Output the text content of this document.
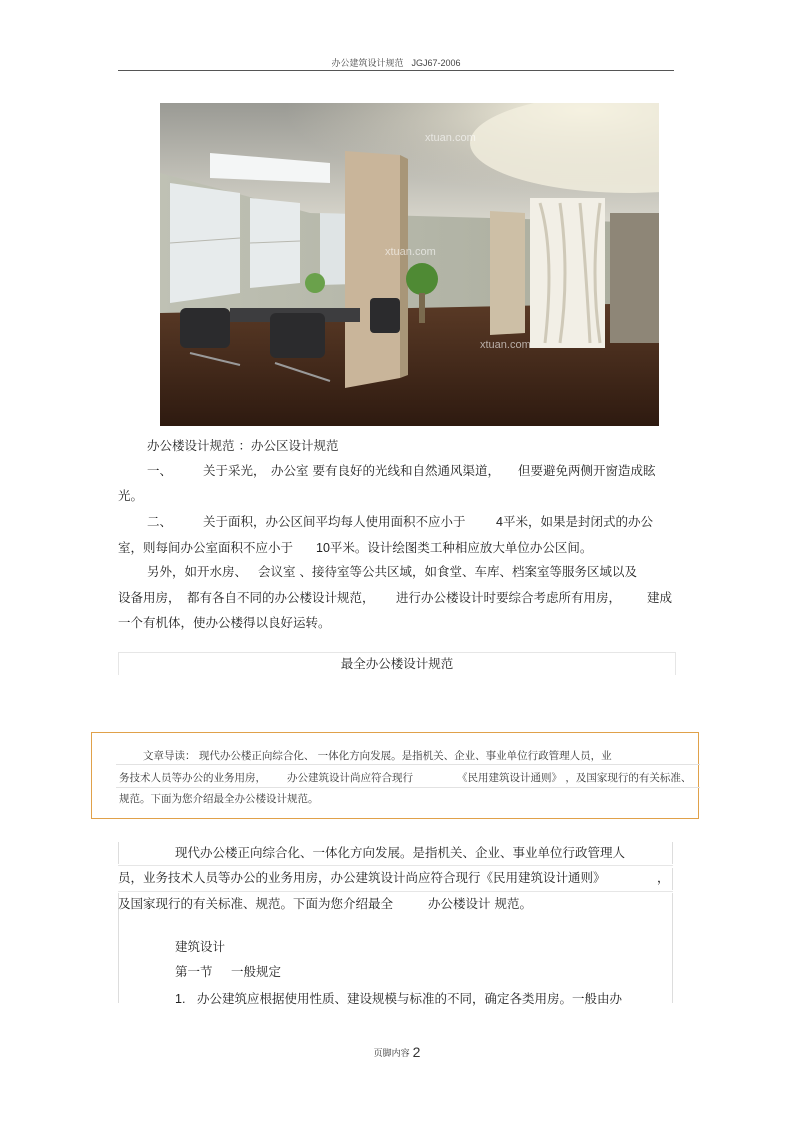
办公建筑设计规范 JGJ67-2006
xtuan.com
xtuan.com
xtuan.com
办公楼设计规范 ：办公区设计规范
一、 关于采光， 办公室 要有良好的光线和自然通风渠道， 但要避免两侧开窗造成眩
光。
二、 关于面积，办公区间平均每人使用面积不应小于 4平米，如果是封闭式的办公
室，则每间办公室面积不应小于 10平米。设计绘图类工种相应放大单位办公区间。
另外，如开水房、 会议室 、接待室等公共区域，如食堂、车库、档案室等服务区域以及
设备用房， 都有各自不同的办公楼设计规范， 进行办公楼设计时要综合考虑所有用房， 建成
一个有机体，使办公楼得以良好运转。
最全办公楼设计规范
文章导读： 现代办公楼正向综合化、 一体化方向发展。是指机关、企业、事业单位行政管理人员，业
务技术人员等办公的业务用房， 办公建筑设计尚应符合现行	《民用建筑设计通则》 ，及国家现行的有关标准、
规范。下面为您介绍最全办公楼设计规范。
现代办公楼正向综合化、一体化方向发展。是指机关、企业、事业单位行政管理人
员，业务技术人员等办公的业务用房，办公建筑设计尚应符合现行《民用建筑设计通则》	，
及国家现行的有关标准、规范。下面为您介绍最全	办公楼设计 规范。
建筑设计
第一节 一般规定
1. 办公建筑应根据使用性质、建设规模与标准的不同，确定各类用房。一般由办
页脚内容 2
